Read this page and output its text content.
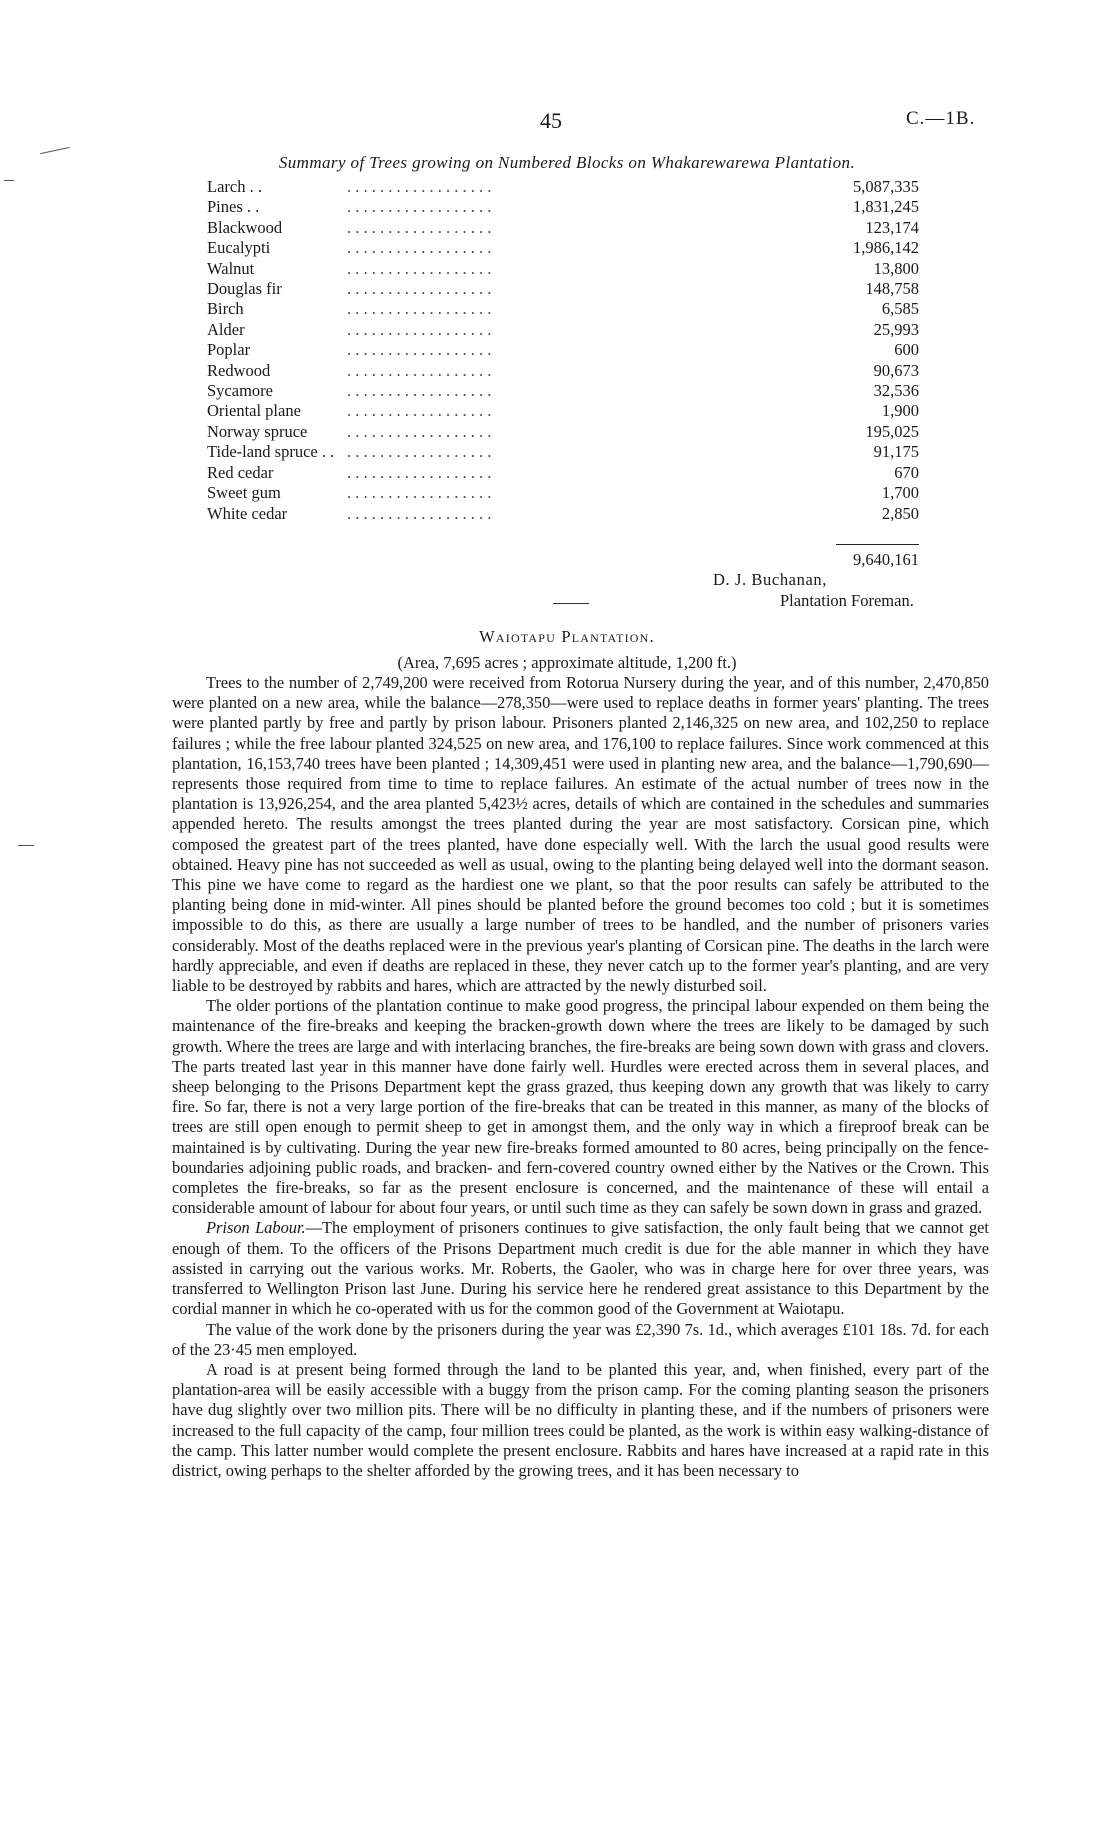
45	C.—1B.
Summary of Trees growing on Numbered Blocks on Whakarewarewa Plantation.
Larch . .	. . . . . . . . . . . . . . . . . .	5,087,335
Pines . .	. . . . . . . . . . . . . . . . . .	1,831,245
Blackwood	. . . . . . . . . . . . . . . . . .	123,174
Eucalypti	. . . . . . . . . . . . . . . . . .	1,986,142
Walnut	. . . . . . . . . . . . . . . . . .	13,800
Douglas fir	. . . . . . . . . . . . . . . . . .	148,758
Birch	. . . . . . . . . . . . . . . . . .	6,585
Alder	. . . . . . . . . . . . . . . . . .	25,993
Poplar	. . . . . . . . . . . . . . . . . .	600
Redwood	. . . . . . . . . . . . . . . . . .	90,673
Sycamore	. . . . . . . . . . . . . . . . . .	32,536
Oriental plane	. . . . . . . . . . . . . . . . . .	1,900
Norway spruce	. . . . . . . . . . . . . . . . . .	195,025
Tide-land spruce . .	. . . . . . . . . . . . . . . . . .	91,175
Red cedar	. . . . . . . . . . . . . . . . . .	670
Sweet gum	. . . . . . . . . . . . . . . . . .	1,700
White cedar	. . . . . . . . . . . . . . . . . .	2,850
9,640,161
D. J. Buchanan,
Plantation Foreman.
Waiotapu Plantation.
(Area, 7,695 acres ; approximate altitude, 1,200 ft.)

Trees to the number of 2,749,200 were received from Rotorua Nursery during the year, and of this number, 2,470,850 were planted on a new area, while the balance—278,350—were used to replace deaths in former years' planting. The trees were planted partly by free and partly by prison labour. Prisoners planted 2,146,325 on new area, and 102,250 to replace failures ; while the free labour planted 324,525 on new area, and 176,100 to replace failures. Since work commenced at this plantation, 16,153,740 trees have been planted ; 14,309,451 were used in planting new area, and the balance—1,790,690—represents those required from time to time to replace failures. An estimate of the actual number of trees now in the plantation is 13,926,254, and the area planted 5,423½ acres, details of which are contained in the schedules and summaries appended hereto. The results amongst the trees planted during the year are most satisfactory. Corsican pine, which composed the greatest part of the trees planted, have done especially well. With the larch the usual good results were obtained. Heavy pine has not succeeded as well as usual, owing to the planting being delayed well into the dormant season. This pine we have come to regard as the hardiest one we plant, so that the poor results can safely be attributed to the planting being done in mid-winter. All pines should be planted before the ground becomes too cold ; but it is sometimes impossible to do this, as there are usually a large number of trees to be handled, and the number of prisoners varies considerably. Most of the deaths replaced were in the previous year's planting of Corsican pine. The deaths in the larch were hardly appreciable, and even if deaths are replaced in these, they never catch up to the former year's planting, and are very liable to be destroyed by rabbits and hares, which are attracted by the newly disturbed soil.

The older portions of the plantation continue to make good progress, the principal labour expended on them being the maintenance of the fire-breaks and keeping the bracken-growth down where the trees are likely to be damaged by such growth. Where the trees are large and with interlacing branches, the fire-breaks are being sown down with grass and clovers. The parts treated last year in this manner have done fairly well. Hurdles were erected across them in several places, and sheep belonging to the Prisons Department kept the grass grazed, thus keeping down any growth that was likely to carry fire. So far, there is not a very large portion of the fire-breaks that can be treated in this manner, as many of the blocks of trees are still open enough to permit sheep to get in amongst them, and the only way in which a fireproof break can be maintained is by cultivating. During the year new fire-breaks formed amounted to 80 acres, being principally on the fence-boundaries adjoining public roads, and bracken- and fern-covered country owned either by the Natives or the Crown. This completes the fire-breaks, so far as the present enclosure is concerned, and the maintenance of these will entail a considerable amount of labour for about four years, or until such time as they can safely be sown down in grass and grazed.

Prison Labour.—The employment of prisoners continues to give satisfaction, the only fault being that we cannot get enough of them. To the officers of the Prisons Department much credit is due for the able manner in which they have assisted in carrying out the various works. Mr. Roberts, the Gaoler, who was in charge here for over three years, was transferred to Wellington Prison last June. During his service here he rendered great assistance to this Department by the cordial manner in which he co-operated with us for the common good of the Government at Waiotapu.

The value of the work done by the prisoners during the year was £2,390 7s. 1d., which averages £101 18s. 7d. for each of the 23·45 men employed.

A road is at present being formed through the land to be planted this year, and, when finished, every part of the plantation-area will be easily accessible with a buggy from the prison camp. For the coming planting season the prisoners have dug slightly over two million pits. There will be no difficulty in planting these, and if the numbers of prisoners were increased to the full capacity of the camp, four million trees could be planted, as the work is within easy walking-distance of the camp. This latter number would complete the present enclosure. Rabbits and hares have increased at a rapid rate in this district, owing perhaps to the shelter afforded by the growing trees, and it has been necessary to
